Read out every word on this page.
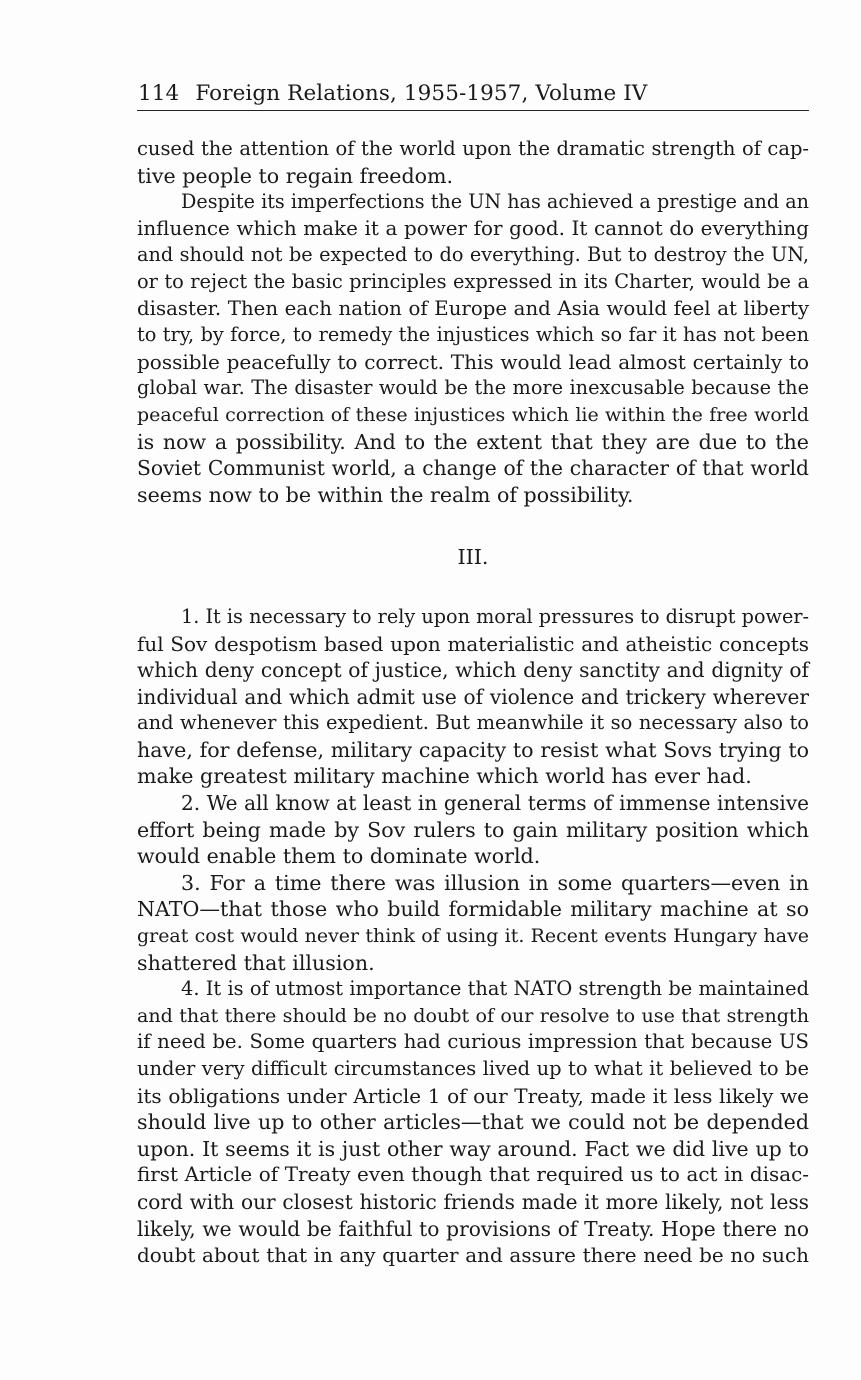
114 Foreign Relations, 1955-1957, Volume IV

cused the attention of the world upon the dramatic strength of cap-
tive people to regain freedom.

Despite its imperfections the UN has achieved a prestige and an
influence which make it a power for good. It cannot do everything
and should not be expected to do everything. But to destroy the UN,
or to reject the basic principles expressed in its Charter, would be a
disaster. Then each nation of Europe and Asia would feel at liberty
to try, by force, to remedy the injustices which so far it has not been
possible peacefully to correct. This would lead almost certainly to
global war. The disaster would be the more inexcusable because the
peaceful correction of these injustices which lie within the free world
is now a possibility. And to the extent that they are due to the
Soviet Communist world, a change of the character of that world
seems now to be within the realm of possibility.

III.

1. It is necessary to rely upon moral pressures to disrupt power-
ful Sov despotism based upon materialistic and atheistic concepts
which deny concept of justice, which deny sanctity and dignity of
individual and which admit use of violence and trickery wherever
and whenever this expedient. But meanwhile it so necessary also to
have, for defense, military capacity to resist what Sovs trying to
make greatest military machine which world has ever had.

2. We all know at least in general terms of immense intensive
effort being made by Sov rulers to gain military position which
would enable them to dominate world.

3. For a time there was illusion in some quarters—even in
NATO—that those who build formidable military machine at so
great cost would never think of using it. Recent events Hungary have
shattered that illusion.

4. It is of utmost importance that NATO strength be maintained
and that there should be no doubt of our resolve to use that strength
if need be. Some quarters had curious impression that because US
under very difficult circumstances lived up to what it believed to be
its obligations under Article 1 of our Treaty, made it less likely we
should live up to other articles—that we could not be depended
upon. It seems it is just other way around. Fact we did live up to
first Article of Treaty even though that required us to act in disac-
cord with our closest historic friends made it more likely, not less
likely, we would be faithful to provisions of Treaty. Hope there no
doubt about that in any quarter and assure there need be no such
